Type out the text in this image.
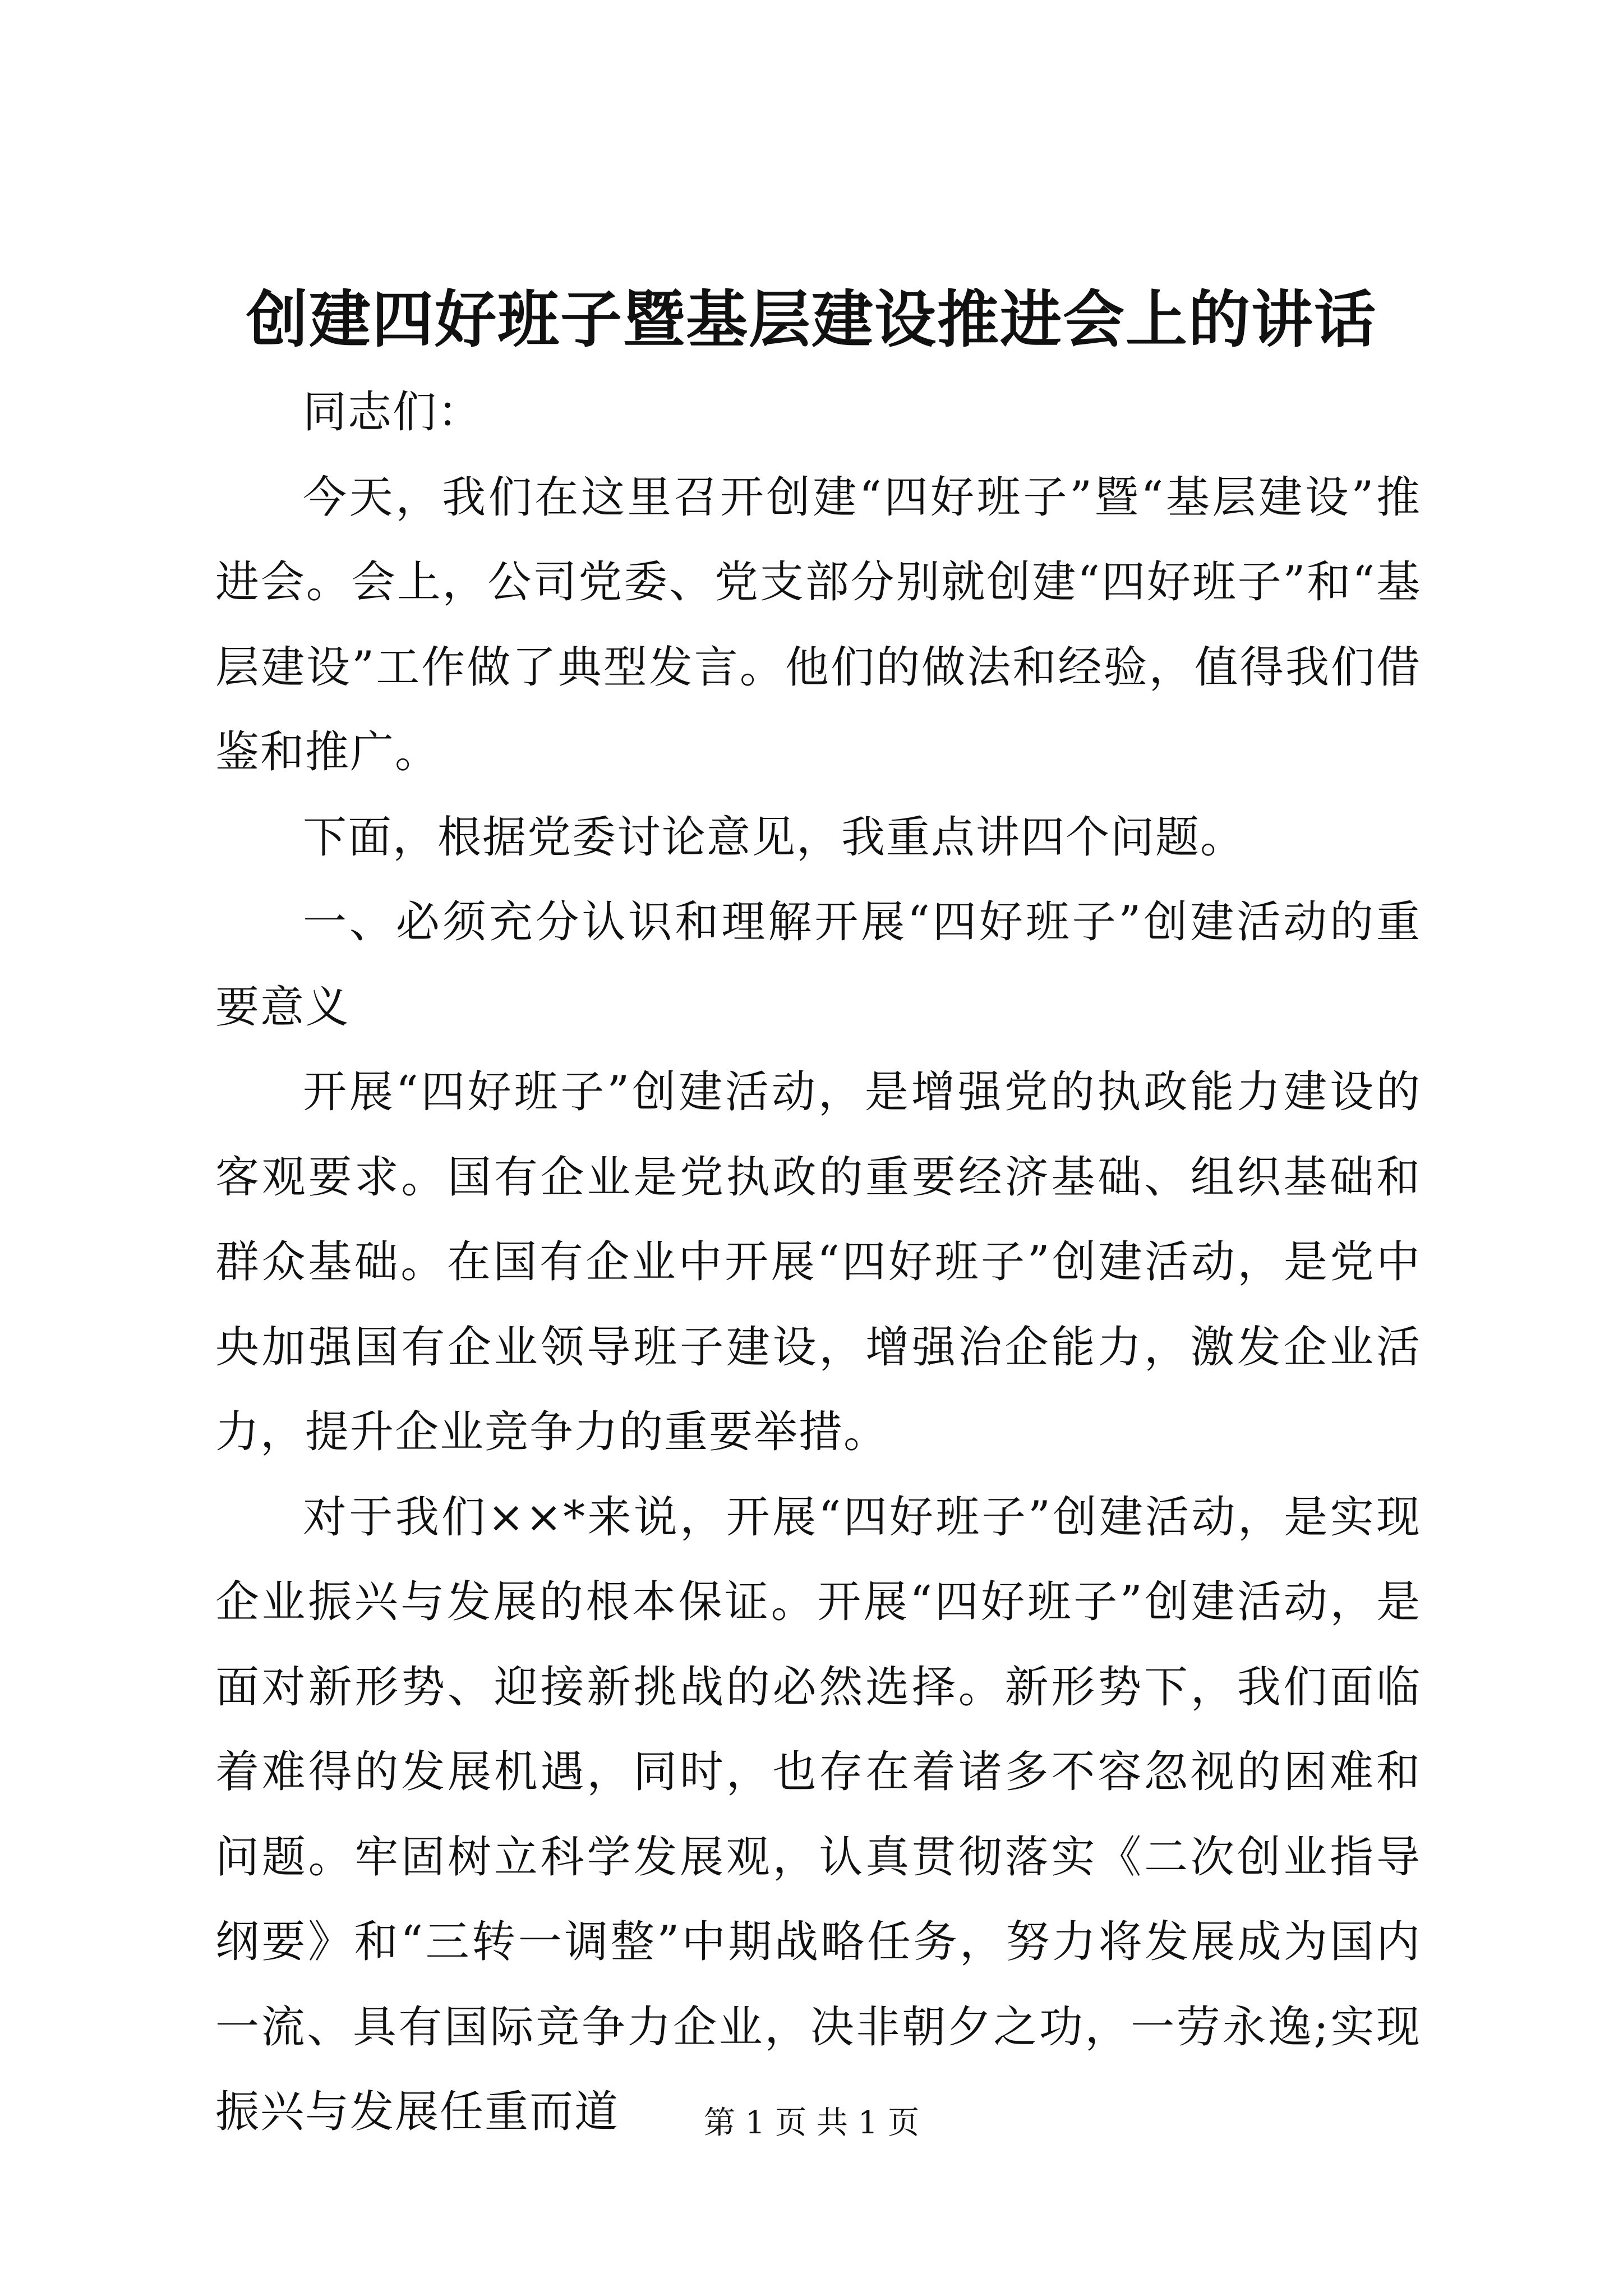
创建四好班子暨基层建设推进会上的讲话

同志们：

今天，我们在这里召开创建“四好班子”暨“基层建设”推进会。会上，公司党委、党支部分别就创建“四好班子”和“基层建设”工作做了典型发言。他们的做法和经验，值得我们借鉴和推广。

下面，根据党委讨论意见，我重点讲四个问题。

一、必须充分认识和理解开展“四好班子”创建活动的重要意义

开展“四好班子”创建活动，是增强党的执政能力建设的客观要求。国有企业是党执政的重要经济基础、组织基础和群众基础。在国有企业中开展“四好班子”创建活动，是党中央加强国有企业领导班子建设，增强治企能力，激发企业活力，提升企业竞争力的重要举措。

对于我们××*来说，开展“四好班子”创建活动，是实现企业振兴与发展的根本保证。开展“四好班子”创建活动，是面对新形势、迎接新挑战的必然选择。新形势下，我们面临着难得的发展机遇，同时，也存在着诸多不容忽视的困难和问题。牢固树立科学发展观，认真贯彻落实《二次创业指导纲要》和“三转一调整”中期战略任务，努力将发展成为国内一流、具有国际竞争力企业，决非朝夕之功，一劳永逸;实现振兴与发展任重而道	第 1 页 共 1 页
